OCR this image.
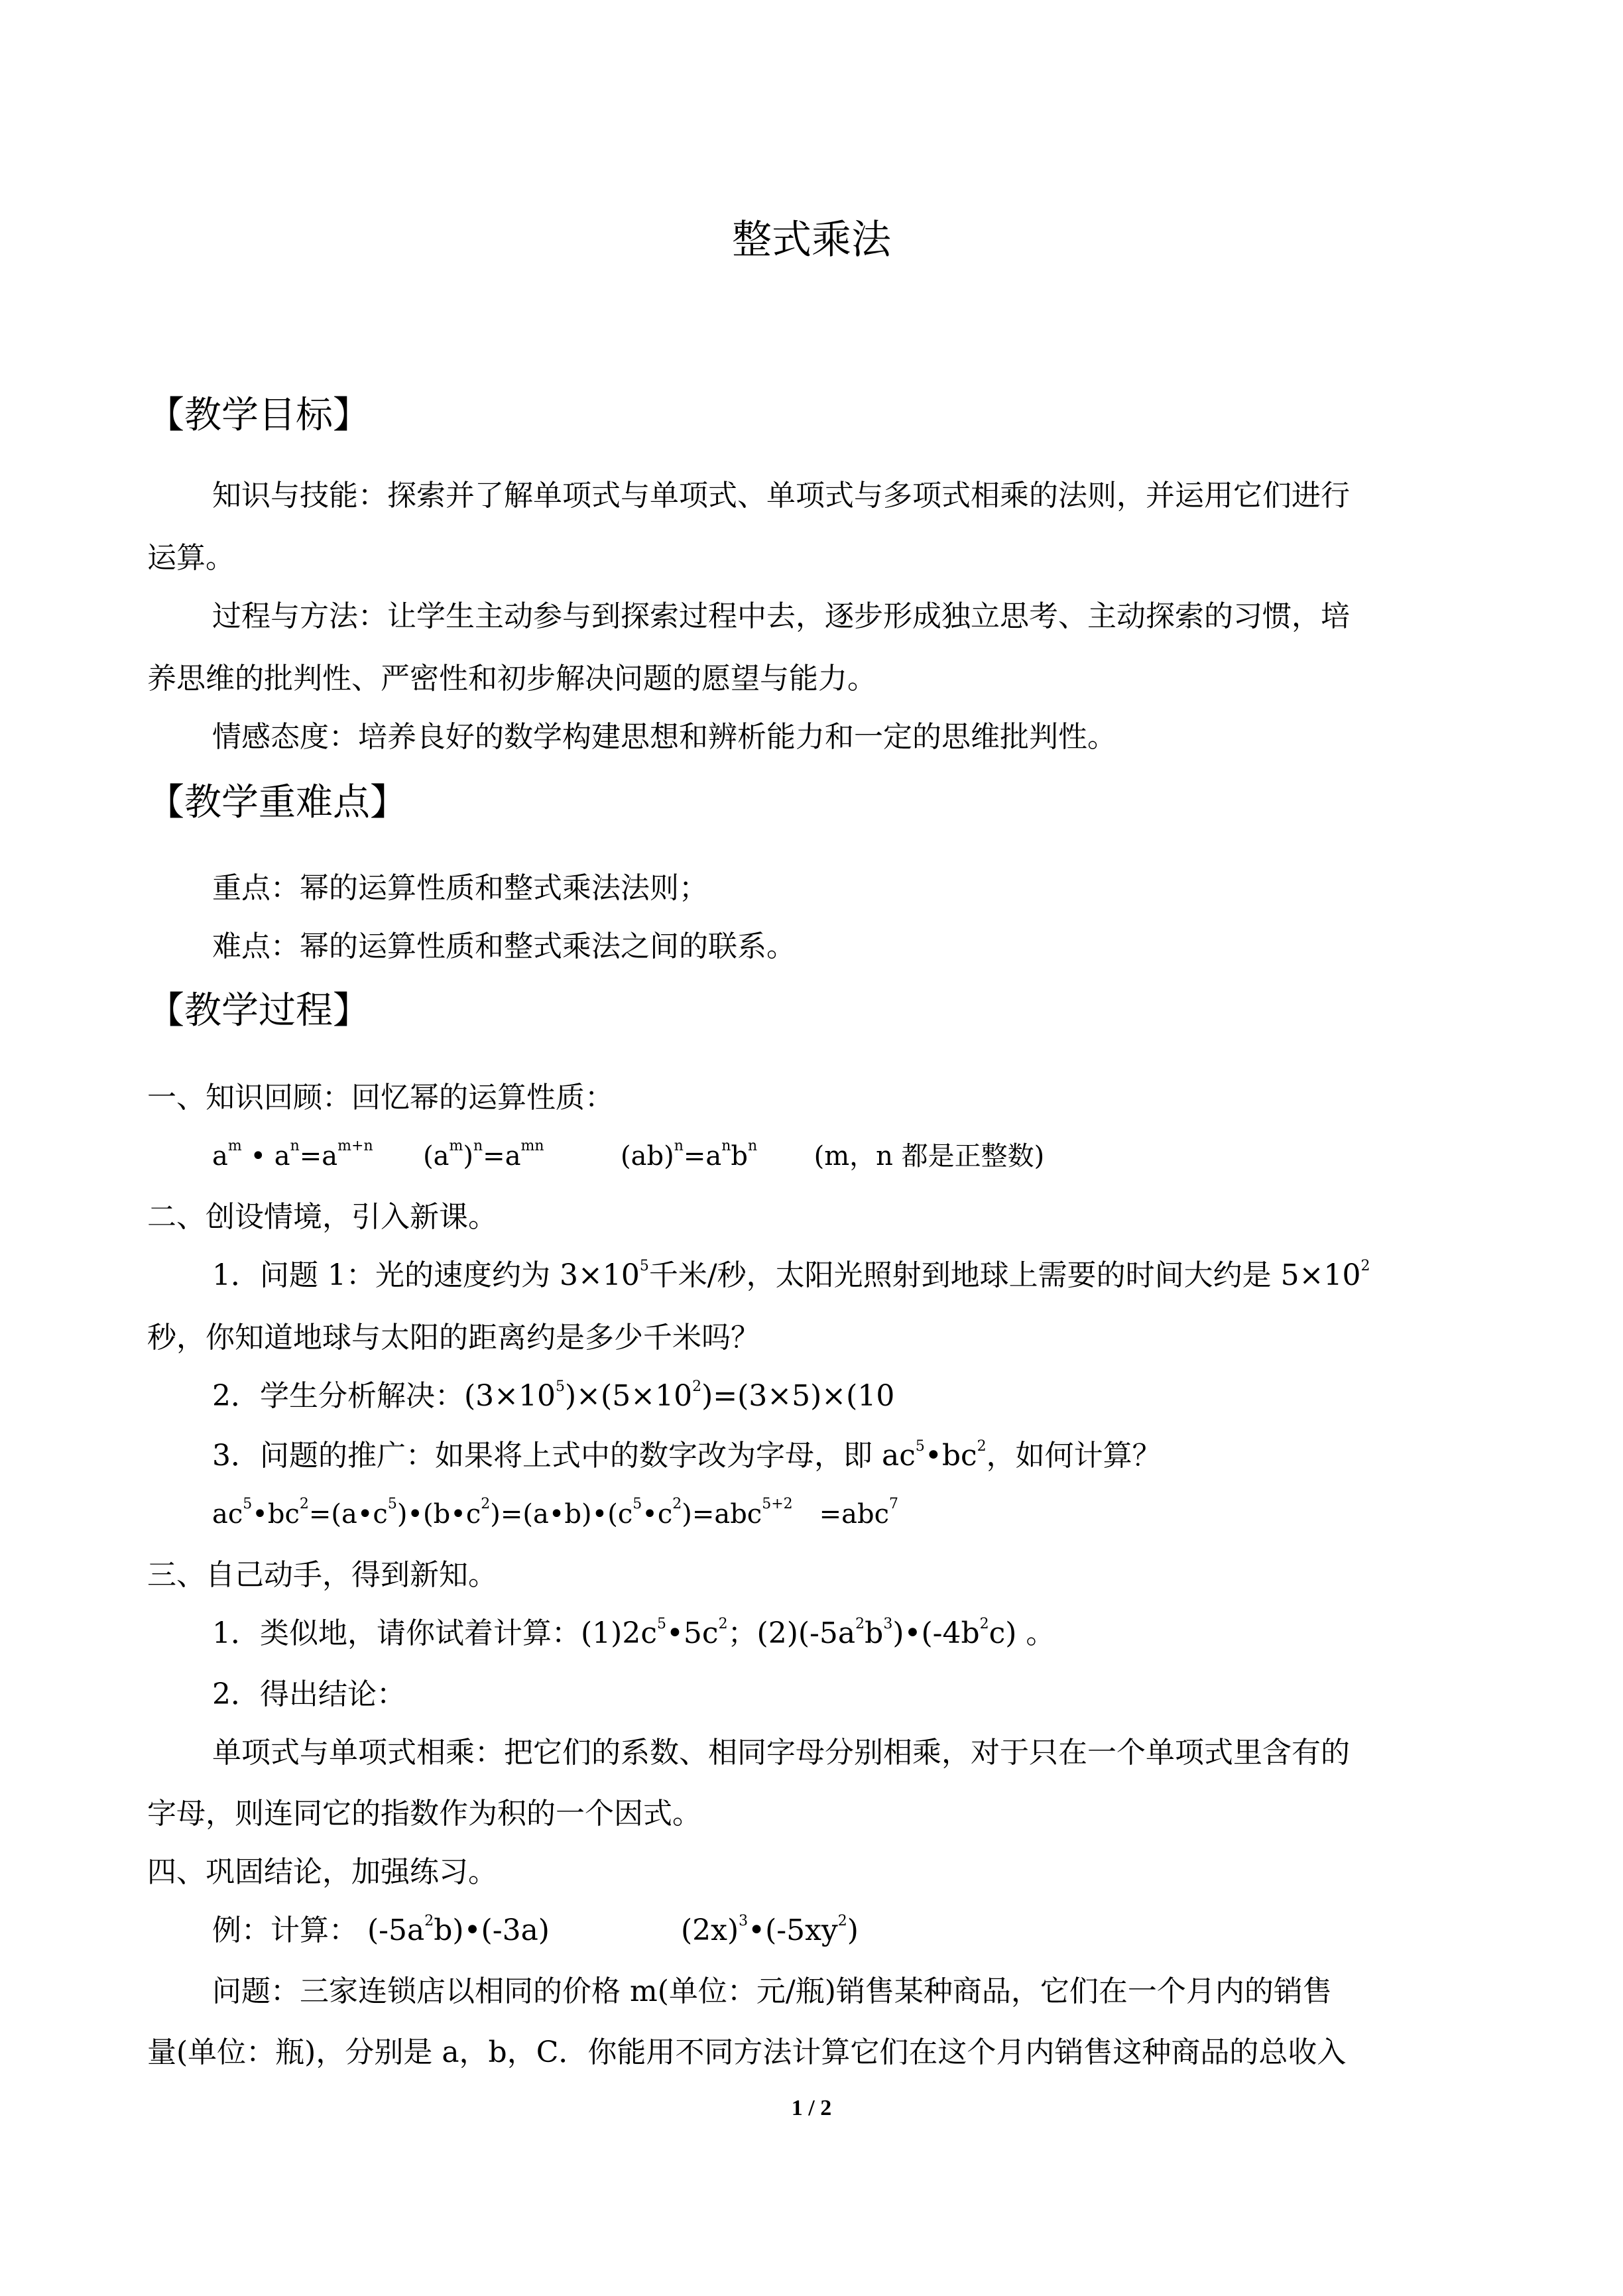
整式乘法
【教学目标】
知识与技能：探索并了解单项式与单项式、单项式与多项式相乘的法则，并运用它们进行
运算。
过程与方法：让学生主动参与到探索过程中去，逐步形成独立思考、主动探索的习惯，培
养思维的批判性、严密性和初步解决问题的愿望与能力。
情感态度：培养良好的数学构建思想和辨析能力和一定的思维批判性。
【教学重难点】
重点：幂的运算性质和整式乘法法则；
难点：幂的运算性质和整式乘法之间的联系。
【教学过程】
一、知识回顾：回忆幂的运算性质：
$a^m$ • $a^n=a^{m+n}$ $(a^m)^n=a^{mn}$	$(ab)^n=a^nb^n$ (m，n 都是正整数)
二、创设情境，引入新课。
1．问题 1：光的速度约为 $3\times 10^5$千米/秒，太阳光照射到地球上需要的时间大约是 $5\times 10^2$
秒，你知道地球与太阳的距离约是多少千米吗？
2．学生分析解决：$(3\times 10^5)\times(5\times 10^2)=(3\times 5)\times(10$
3．问题的推广：如果将上式中的数字改为字母，即 $ac^5•bc^2$，如何计算？
$ac^5•bc^2=(a•c^5)•(b•c^2)=(a•b)•(c^5•c^2)=abc^{5+2} =abc^7$
三、自己动手，得到新知。
1．类似地，请你试着计算：$(1)2c^5•5c^2$；$(2)(-5a^2b^3)•(-4b^2c)$ 。
2．得出结论：
单项式与单项式相乘：把它们的系数、相同字母分别相乘，对于只在一个单项式里含有的
字母，则连同它的指数作为积的一个因式。
四、巩固结论，加强练习。
例：计算： $(-5a^2b)•(-3a)$	$(2x)^3•(-5xy^2)$
问题：三家连锁店以相同的价格 m(单位：元/瓶)销售某种商品，它们在一个月内的销售
量(单位：瓶)，分别是 a，b，C．你能用不同方法计算它们在这个月内销售这种商品的总收入
1 / 2
